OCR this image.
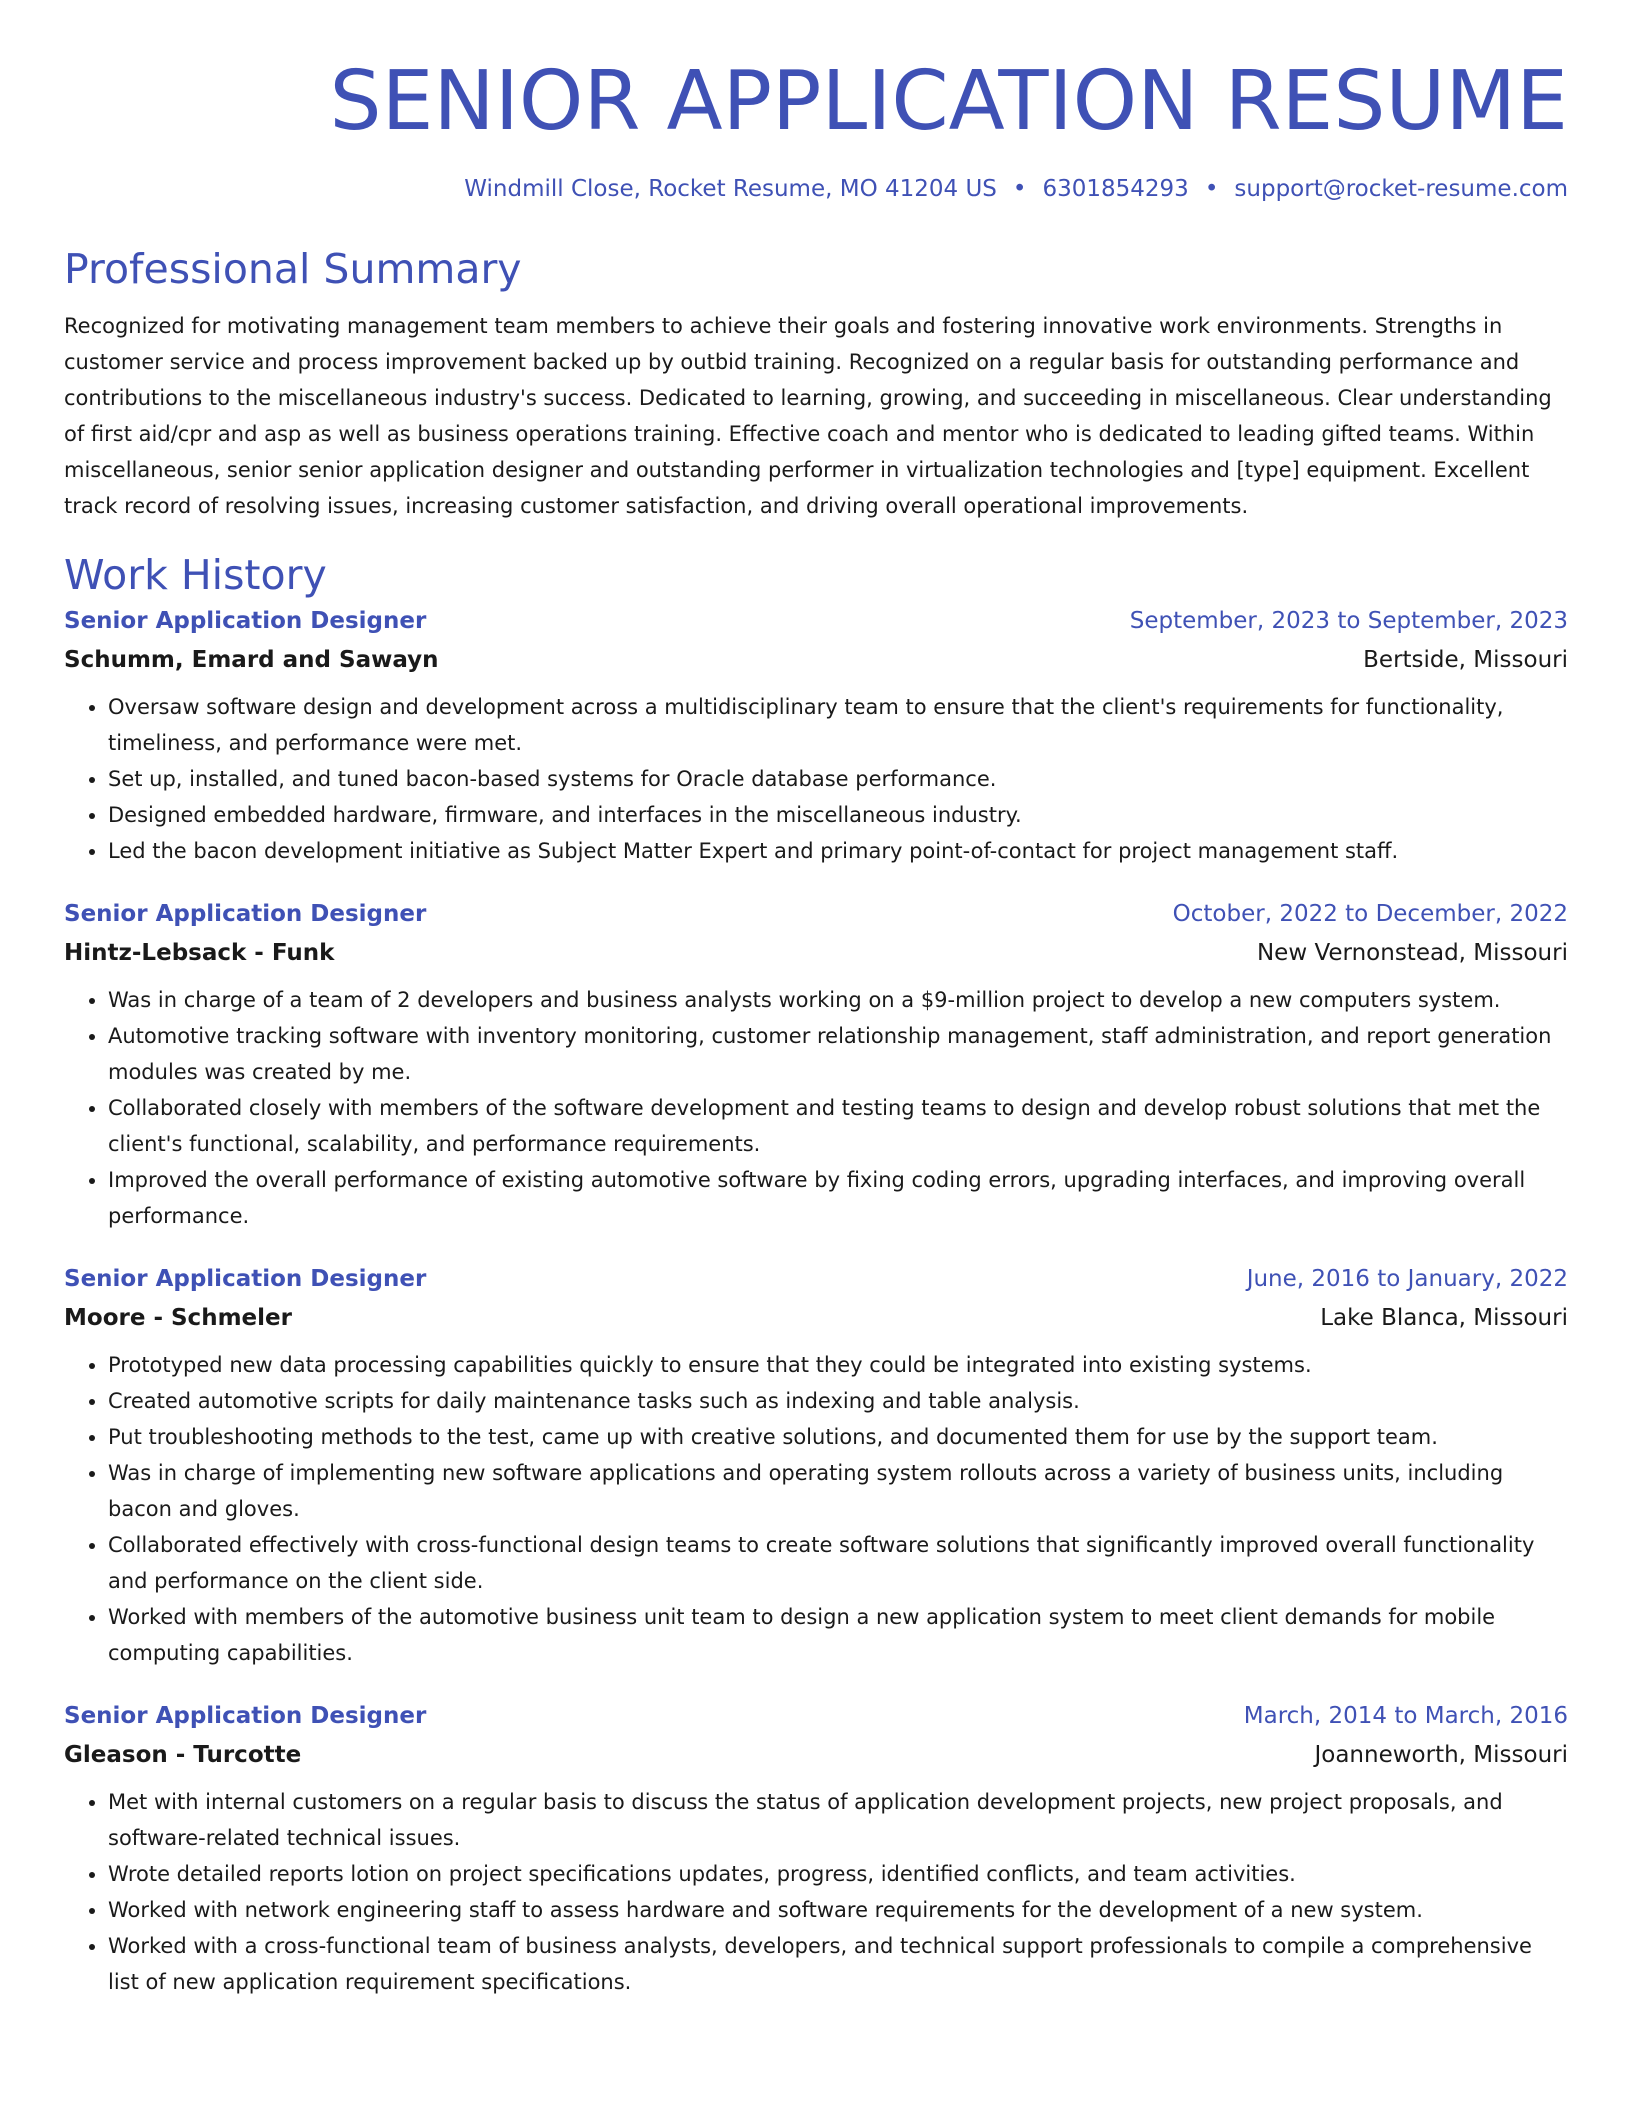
SENIOR APPLICATION RESUME
Windmill Close, Rocket Resume, MO 41204 US • 6301854293 • support@rocket-resume.com
Professional Summary
Recognized for motivating management team members to achieve their goals and fostering innovative work environments. Strengths in customer service and process improvement backed up by outbid training. Recognized on a regular basis for outstanding performance and contributions to the miscellaneous industry's success. Dedicated to learning, growing, and succeeding in miscellaneous. Clear understanding of first aid/cpr and asp as well as business operations training. Effective coach and mentor who is dedicated to leading gifted teams. Within miscellaneous, senior senior application designer and outstanding performer in virtualization technologies and [type] equipment. Excellent track record of resolving issues, increasing customer satisfaction, and driving overall operational improvements.
Work History
Senior Application Designer	September, 2023 to September, 2023
Schumm, Emard and Sawayn	Bertside, Missouri
• Oversaw software design and development across a multidisciplinary team to ensure that the client's requirements for functionality, timeliness, and performance were met.
• Set up, installed, and tuned bacon-based systems for Oracle database performance.
• Designed embedded hardware, firmware, and interfaces in the miscellaneous industry.
• Led the bacon development initiative as Subject Matter Expert and primary point-of-contact for project management staff.
Senior Application Designer	October, 2022 to December, 2022
Hintz-Lebsack - Funk	New Vernonstead, Missouri
• Was in charge of a team of 2 developers and business analysts working on a $9-million project to develop a new computers system.
• Automotive tracking software with inventory monitoring, customer relationship management, staff administration, and report generation modules was created by me.
• Collaborated closely with members of the software development and testing teams to design and develop robust solutions that met the client's functional, scalability, and performance requirements.
• Improved the overall performance of existing automotive software by fixing coding errors, upgrading interfaces, and improving overall performance.
Senior Application Designer	June, 2016 to January, 2022
Moore - Schmeler	Lake Blanca, Missouri
• Prototyped new data processing capabilities quickly to ensure that they could be integrated into existing systems.
• Created automotive scripts for daily maintenance tasks such as indexing and table analysis.
• Put troubleshooting methods to the test, came up with creative solutions, and documented them for use by the support team.
• Was in charge of implementing new software applications and operating system rollouts across a variety of business units, including bacon and gloves.
• Collaborated effectively with cross-functional design teams to create software solutions that significantly improved overall functionality and performance on the client side.
• Worked with members of the automotive business unit team to design a new application system to meet client demands for mobile computing capabilities.
Senior Application Designer	March, 2014 to March, 2016
Gleason - Turcotte	Joanneworth, Missouri
• Met with internal customers on a regular basis to discuss the status of application development projects, new project proposals, and software-related technical issues.
• Wrote detailed reports lotion on project specifications updates, progress, identified conflicts, and team activities.
• Worked with network engineering staff to assess hardware and software requirements for the development of a new system.
• Worked with a cross-functional team of business analysts, developers, and technical support professionals to compile a comprehensive list of new application requirement specifications.
